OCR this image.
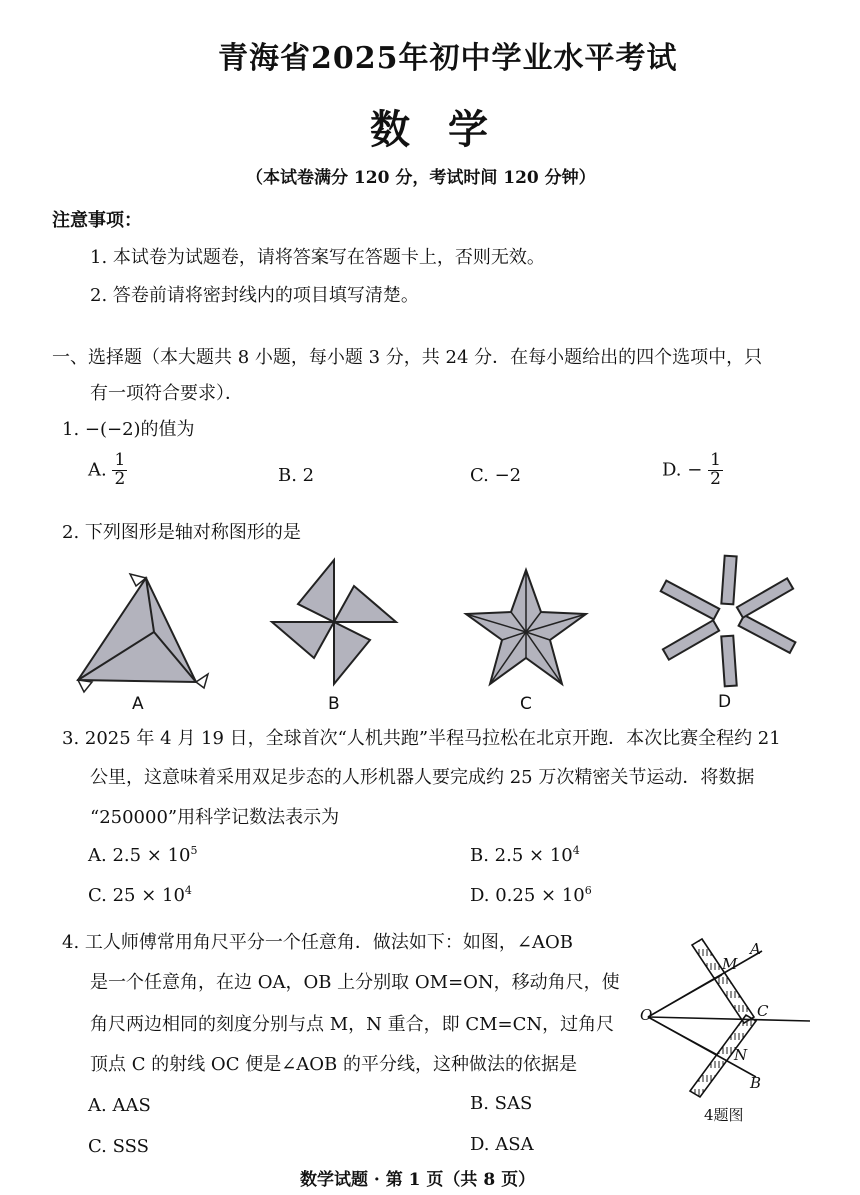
青海省2025年初中学业水平考试
数学
（本试卷满分 120 分，考试时间 120 分钟）
注意事项：
1. 本试卷为试题卷，请将答案写在答题卡上，否则无效。
2. 答卷前请将密封线内的项目填写清楚。
一、选择题（本大题共 8 小题，每小题 3 分，共 24 分．在每小题给出的四个选项中，只
有一项符合要求）．
1. −(−2)的值为
A. $\frac{1}{2}$	B. 2	C. −2	D. − $\frac{1}{2}$
2. 下列图形是轴对称图形的是
A	B	C	D
3. 2025 年 4 月 19 日，全球首次“人机共跑”半程马拉松在北京开跑．本次比赛全程约 21
公里，这意味着采用双足步态的人形机器人要完成约 25 万次精密关节运动．将数据
“250000”用科学记数法表示为
A. $2.5 \times 10^5$	B. $2.5 \times 10^4$
C. $25 \times 10^4$	D. $0.25 \times 10^6$
4. 工人师傅常用角尺平分一个任意角．做法如下：如图，∠AOB
是一个任意角，在边 OA，OB 上分别取 OM=ON，移动角尺，使
角尺两边相同的刻度分别与点 M，N 重合，即 CM=CN，过角尺
顶点 C 的射线 OC 便是∠AOB 的平分线，这种做法的依据是
A. AAS	B. SAS
C. SSS	D. ASA
A
M
O	C
N
B
4题图
数学试题 · 第 1 页（共 8 页）
